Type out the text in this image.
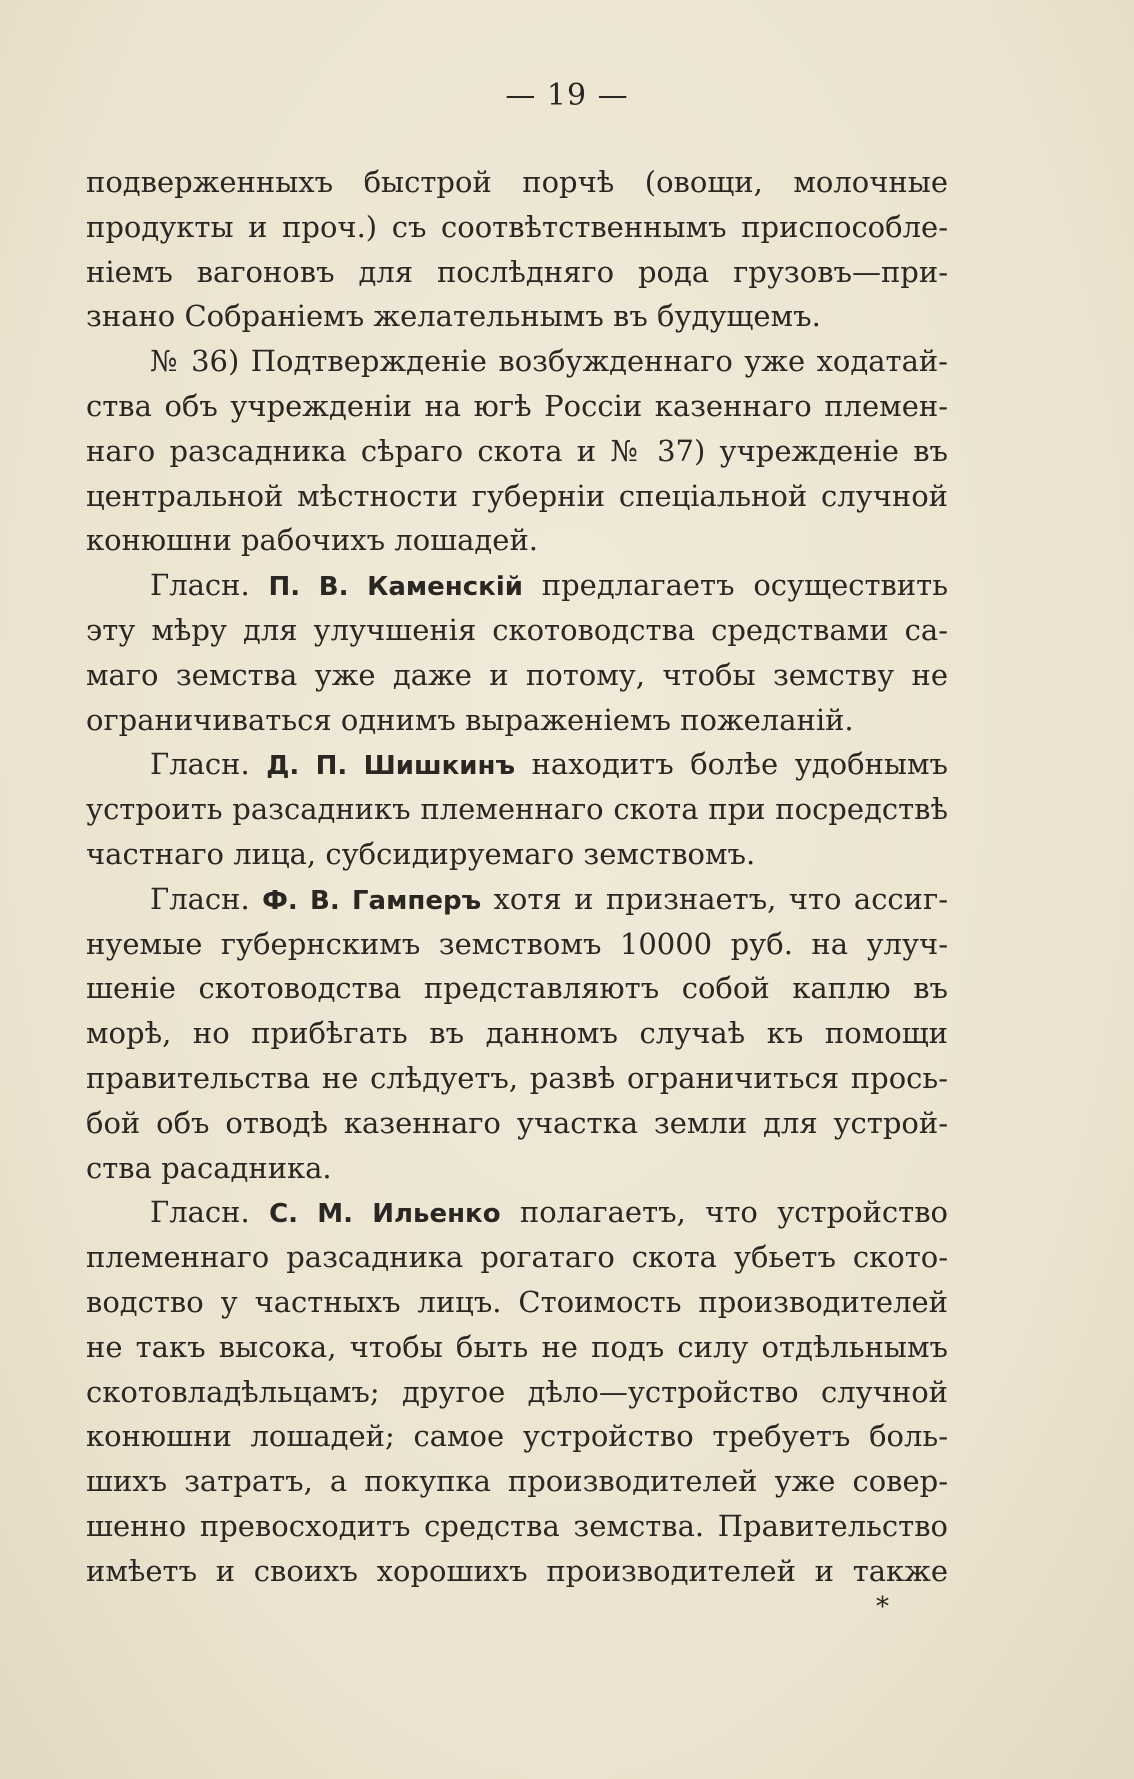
— 19 —
подверженныхъ быстрой порчѣ (овощи, молочные
продукты и проч.) съ соотвѣтственнымъ приспособле-
ніемъ вагоновъ для послѣдняго рода грузовъ—при-
знано Собраніемъ желательнымъ въ будущемъ.
№ 36) Подтвержденіе возбужденнаго уже ходатай-
ства объ учрежденіи на югѣ Россіи казеннаго племен-
наго разсадника сѣраго скота и № 37) учрежденіе въ
центральной мѣстности губерніи спеціальной случной
конюшни рабочихъ лошадей.
Гласн. П. В. Каменскій предлагаетъ осуществить
эту мѣру для улучшенія скотоводства средствами са-
маго земства уже даже и потому, чтобы земству не
ограничиваться однимъ выраженіемъ пожеланій.
Гласн. Д. П. Шишкинъ находитъ болѣе удобнымъ
устроить разсадникъ племеннаго скота при посредствѣ
частнаго лица, субсидируемаго земствомъ.
Гласн. Ф. В. Гамперъ хотя и признаетъ, что ассиг-
нуемые губернскимъ земствомъ 10000 руб. на улуч-
шеніе скотоводства представляютъ собой каплю въ
морѣ, но прибѣгать въ данномъ случаѣ къ помощи
правительства не слѣдуетъ, развѣ ограничиться прось-
бой объ отводѣ казеннаго участка земли для устрой-
ства расадника.
Гласн. С. М. Ильенко полагаетъ, что устройство
племеннаго разсадника рогатаго скота убьетъ ското-
водство у частныхъ лицъ. Стоимость производителей
не такъ высока, чтобы быть не подъ силу отдѣльнымъ
скотовладѣльцамъ; другое дѣло—устройство случной
конюшни лошадей; самое устройство требуетъ боль-
шихъ затратъ, а покупка производителей уже совер-
шенно превосходитъ средства земства. Правительство
имѣетъ и своихъ хорошихъ производителей и также
*
